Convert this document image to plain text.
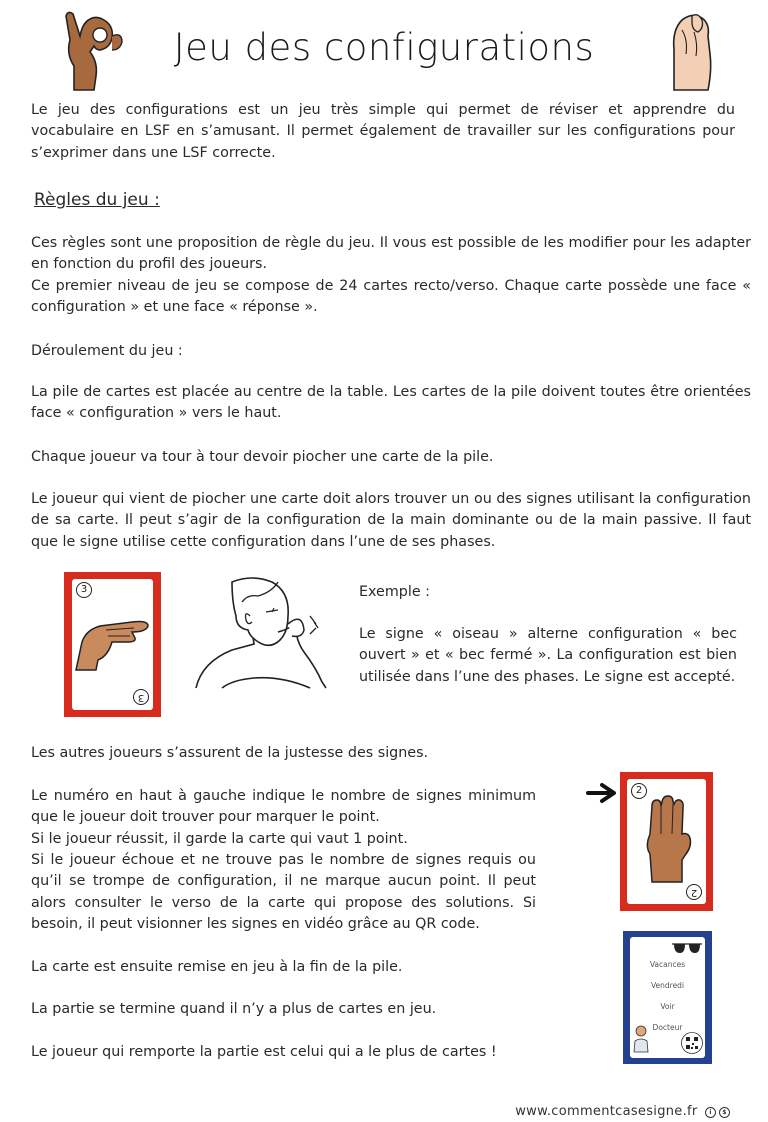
Jeu des configurations

Le jeu des configurations est un jeu très simple qui permet de réviser et apprendre du vocabulaire en LSF en s’amusant. Il permet également de travailler sur les configurations pour s’exprimer dans une LSF correcte.

Règles du jeu :

Ces règles sont une proposition de règle du jeu. Il vous est possible de les modifier pour les adapter en fonction du profil des joueurs.

Ce premier niveau de jeu se compose de 24 cartes recto/verso. Chaque carte possède une face « configuration » et une face « réponse ».

Déroulement du jeu :

La pile de cartes est placée au centre de la table. Les cartes de la pile doivent toutes être orientées face « configuration » vers le haut.

Chaque joueur va tour à tour devoir piocher une carte de la pile.

Le joueur qui vient de piocher une carte doit alors trouver un ou des signes utilisant la configuration de sa carte. Il peut s’agir de la configuration de la main dominante ou de la main passive. Il faut que le signe utilise cette configuration dans l’une de ses phases.

3
3

Exemple :

Le signe « oiseau » alterne configuration « bec ouvert » et « bec fermé ». La configuration est bien utilisée dans l’une des phases. Le signe est accepté.

Les autres joueurs s’assurent de la justesse des signes.

Le numéro en haut à gauche indique le nombre de signes minimum que le joueur doit trouver pour marquer le point.

Si le joueur réussit, il garde la carte qui vaut 1 point.

Si le joueur échoue et ne trouve pas le nombre de signes requis ou qu’il se trompe de configuration, il ne marque aucun point. Il peut alors consulter le verso de la carte qui propose des solutions. Si besoin, il peut visionner les signes en vidéo grâce au QR code.

La carte est ensuite remise en jeu à la fin de la pile.

La partie se termine quand il n’y a plus de cartes en jeu.

Le joueur qui remporte la partie est celui qui a le plus de cartes !

2
2
Vacances
Vendredi
Voir
Docteur
www.commentcasesigne.fr i $
